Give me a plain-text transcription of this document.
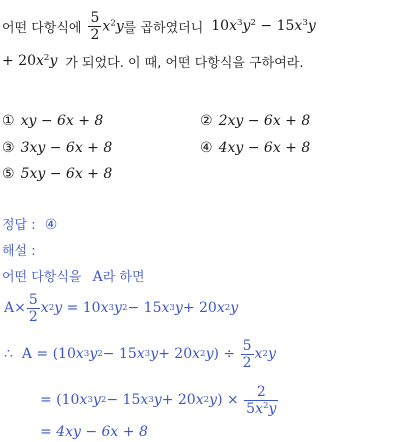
어떤 다항식에 $\frac{5}{2} x^2y$ 를 곱하였더니 $10x^3y^2 - 15x^3y$
+ $20x^2y$ 가 되었다. 이 때, 어떤 다항식을 구하여라.
① xy − 6x + 8	② 2xy − 6x + 8
③ 3xy − 6x + 8	④ 4xy − 6x + 8
⑤ 5xy − 6x + 8
정답 : ④
해설 :
어떤 다항식을 A라 하면
$A \times \frac{5}{2}$ x 2 y = 10 x 3 y 2 − 15 x 3 y + 20 x 2 y
∴
A = (10 x 3 y 2 − 15 x 3 y + 20 x 2 y ) ÷ $\frac{5}{2}$ x 2 y
= (10 x 3 y 2 − 15 x 3 y + 20 x 2 y ) × $\frac{2}{5x^2y}$
= 4xy − 6x + 8
